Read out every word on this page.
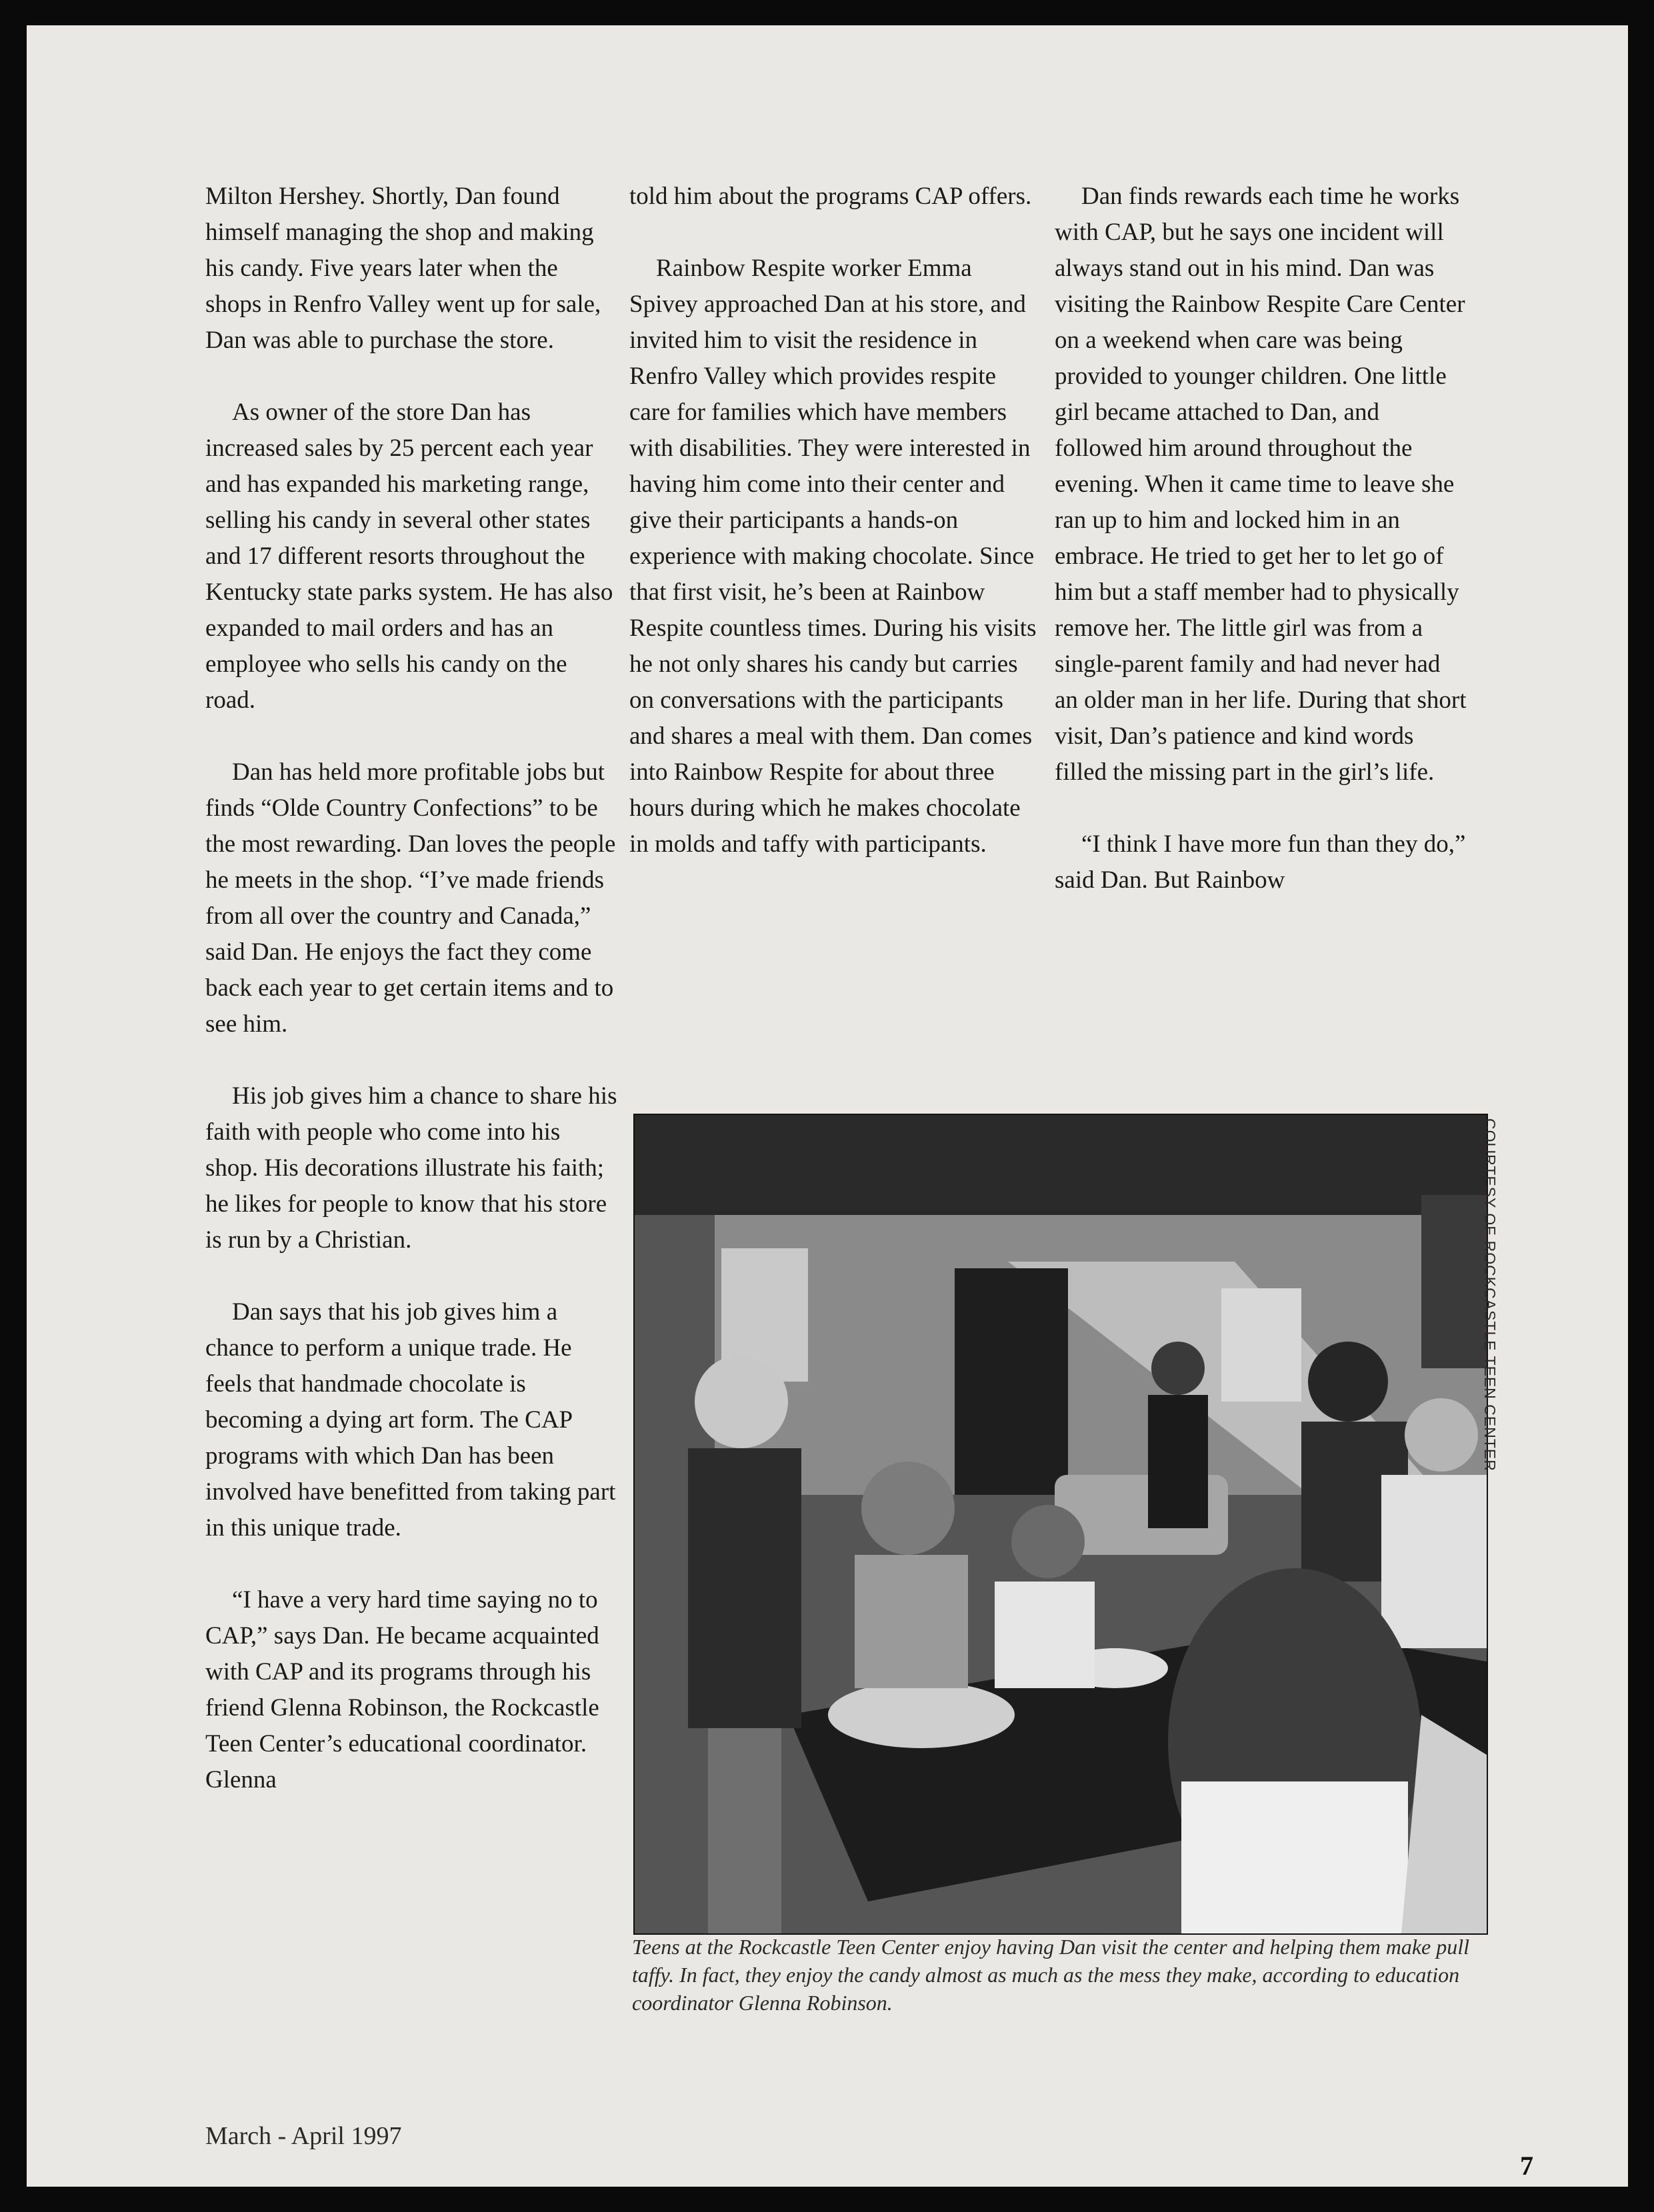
Milton Hershey. Shortly, Dan found himself managing the shop and making his candy. Five years later when the shops in Renfro Valley went up for sale, Dan was able to purchase the store.

As owner of the store Dan has increased sales by 25 percent each year and has expanded his marketing range, selling his candy in several other states and 17 different resorts throughout the Kentucky state parks system. He has also expanded to mail orders and has an employee who sells his candy on the road.

Dan has held more profitable jobs but finds “Olde Country Confections” to be the most rewarding. Dan loves the people he meets in the shop. “I’ve made friends from all over the country and Canada,” said Dan. He enjoys the fact they come back each year to get certain items and to see him.

His job gives him a chance to share his faith with people who come into his shop. His decorations illustrate his faith; he likes for people to know that his store is run by a Christian.

Dan says that his job gives him a chance to perform a unique trade. He feels that handmade chocolate is becoming a dying art form. The CAP programs with which Dan has been involved have benefitted from taking part in this unique trade.

“I have a very hard time saying no to CAP,” says Dan. He became acquainted with CAP and its programs through his friend Glenna Robinson, the Rockcastle Teen Center’s educational coordinator. Glenna

told him about the programs CAP offers.

Rainbow Respite worker Emma Spivey approached Dan at his store, and invited him to visit the residence in Renfro Valley which provides respite care for families which have members with disabilities. They were interested in having him come into their center and give their participants a hands-on experience with making chocolate. Since that first visit, he’s been at Rainbow Respite countless times. During his visits he not only shares his candy but carries on conversations with the participants and shares a meal with them. Dan comes into Rainbow Respite for about three hours during which he makes chocolate in molds and taffy with participants.

Dan finds rewards each time he works with CAP, but he says one incident will always stand out in his mind. Dan was visiting the Rainbow Respite Care Center on a weekend when care was being provided to younger children. One little girl became attached to Dan, and followed him around throughout the evening. When it came time to leave she ran up to him and locked him in an embrace. He tried to get her to let go of him but a staff member had to physically remove her. The little girl was from a single-parent family and had never had an older man in her life. During that short visit, Dan’s patience and kind words filled the missing part in the girl’s life.

“I think I have more fun than they do,” said Dan. But Rainbow

COURTESY OF ROCKCASTLE TEEN CENTER
Teens at the Rockcastle Teen Center enjoy having Dan visit the center and helping them make pull taffy. In fact, they enjoy the candy almost as much as the mess they make, according to education coordinator Glenna Robinson.
March - April 1997
7
